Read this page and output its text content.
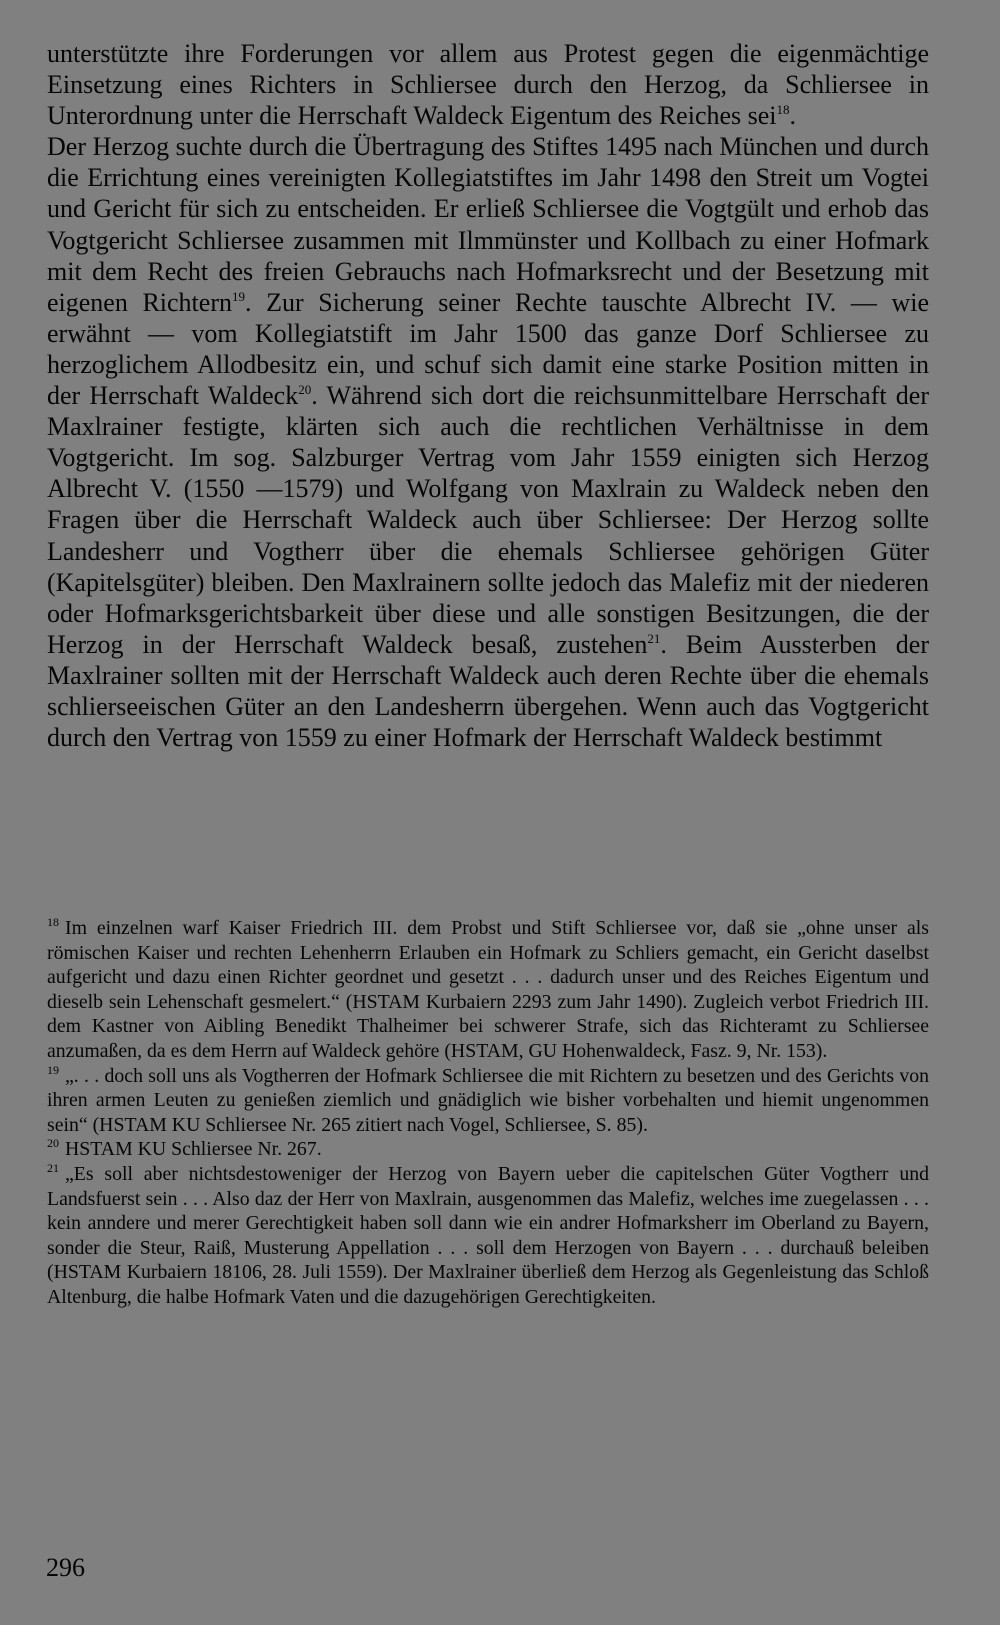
unterstützte ihre Forderungen vor allem aus Protest gegen die eigenmächtige Einsetzung eines Richters in Schliersee durch den Herzog, da Schliersee in Unterordnung unter die Herrschaft Waldeck Eigentum des Reiches sei$^{18}$.

Der Herzog suchte durch die Übertragung des Stiftes 1495 nach München und durch die Errichtung eines vereinigten Kollegiatstiftes im Jahr 1498 den Streit um Vogtei und Gericht für sich zu entscheiden. Er erließ Schliersee die Vogtgült und erhob das Vogtgericht Schliersee zusammen mit Ilmmünster und Kollbach zu einer Hofmark mit dem Recht des freien Gebrauchs nach Hofmarksrecht und der Besetzung mit eigenen Richtern$^{19}$. Zur Sicherung seiner Rechte tauschte Albrecht IV. — wie erwähnt — vom Kollegiatstift im Jahr 1500 das ganze Dorf Schliersee zu herzoglichem Allodbesitz ein, und schuf sich damit eine starke Position mitten in der Herrschaft Waldeck$^{20}$. Während sich dort die reichsunmittelbare Herrschaft der Maxlrainer festigte, klärten sich auch die rechtlichen Verhältnisse in dem Vogtgericht. Im sog. Salzburger Vertrag vom Jahr 1559 einigten sich Herzog Albrecht V. (1550 —1579) und Wolfgang von Maxlrain zu Waldeck neben den Fragen über die Herrschaft Waldeck auch über Schliersee: Der Herzog sollte Landesherr und Vogtherr über die ehemals Schliersee gehörigen Güter (Kapitelsgüter) bleiben. Den Maxlrainern sollte jedoch das Malefiz mit der niederen oder Hofmarksgerichtsbarkeit über diese und alle sonstigen Besitzungen, die der Herzog in der Herrschaft Waldeck besaß, zustehen$^{21}$. Beim Aussterben der Maxlrainer sollten mit der Herrschaft Waldeck auch deren Rechte über die ehemals schlierseeischen Güter an den Landesherrn übergehen. Wenn auch das Vogtgericht durch den Vertrag von 1559 zu einer Hofmark der Herrschaft Waldeck bestimmt

$^{18}$ Im einzelnen warf Kaiser Friedrich III. dem Probst und Stift Schliersee vor, daß sie „ohne unser als römischen Kaiser und rechten Lehenherrn Erlauben ein Hofmark zu Schliers gemacht, ein Gericht daselbst aufgericht und dazu einen Richter geordnet und gesetzt . . . dadurch unser und des Reiches Eigentum und dieselb sein Lehenschaft gesmelert.“ (HSTAM Kurbaiern 2293 zum Jahr 1490). Zugleich verbot Friedrich III. dem Kastner von Aibling Benedikt Thalheimer bei schwerer Strafe, sich das Richteramt zu Schliersee anzumaßen, da es dem Herrn auf Waldeck gehöre (HSTAM, GU Hohenwaldeck, Fasz. 9, Nr. 153).

$^{19}$ „. . . doch soll uns als Vogtherren der Hofmark Schliersee die mit Richtern zu besetzen und des Gerichts von ihren armen Leuten zu genießen ziemlich und gnädiglich wie bisher vorbehalten und hiemit ungenommen sein“ (HSTAM KU Schliersee Nr. 265 zitiert nach Vogel, Schliersee, S. 85).

$^{20}$ HSTAM KU Schliersee Nr. 267.

$^{21}$ „Es soll aber nichtsdestoweniger der Herzog von Bayern ueber die capitelschen Güter Vogtherr und Landsfuerst sein . . . Also daz der Herr von Maxlrain, ausgenommen das Malefiz, welches ime zuegelassen . . . kein anndere und merer Gerechtigkeit haben soll dann wie ein andrer Hofmarksherr im Oberland zu Bayern, sonder die Steur, Raiß, Musterung Appellation . . . soll dem Herzogen von Bayern . . . durchauß beleiben (HSTAM Kurbaiern 18106, 28. Juli 1559). Der Maxlrainer überließ dem Herzog als Gegenleistung das Schloß Altenburg, die halbe Hofmark Vaten und die dazugehörigen Gerechtigkeiten.

296
